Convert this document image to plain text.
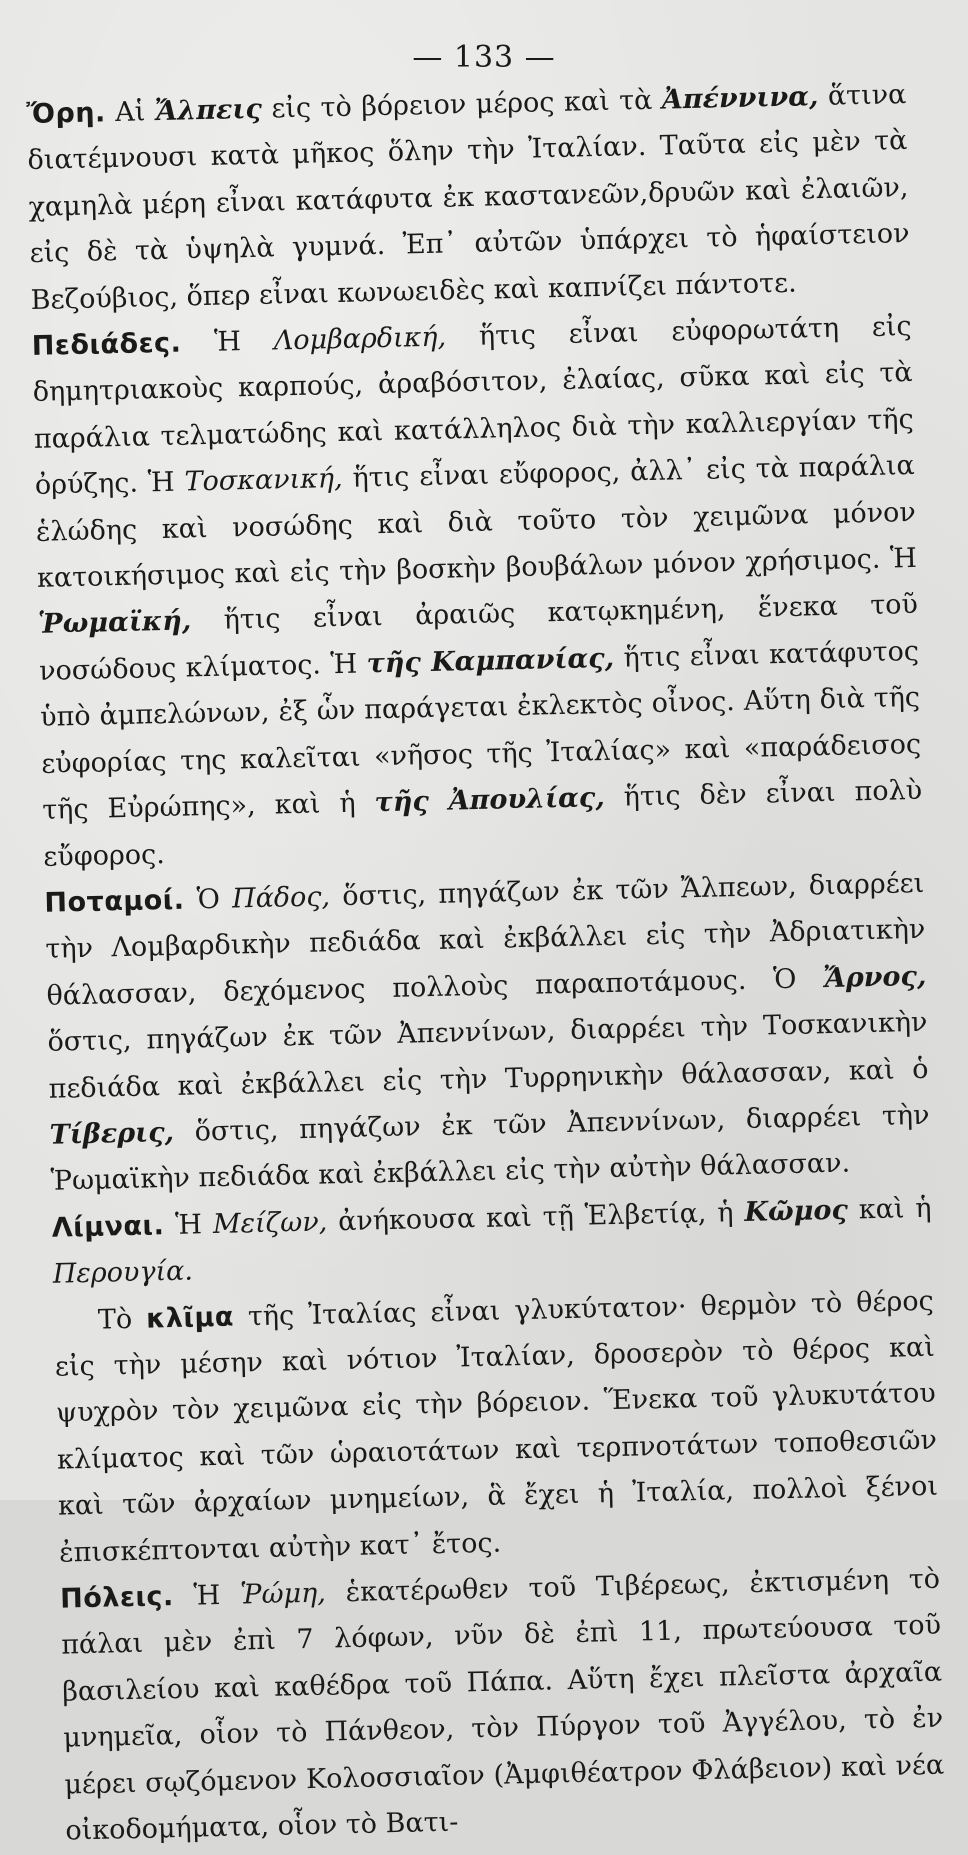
— 133 —

Ὄρη. Αἱ Ἄλπεις εἰς τὸ βόρειον μέρος καὶ τὰ Ἀπέννινα, ἅτινα διατέμνουσι κατὰ μῆκος ὅλην τὴν Ἰταλίαν. Ταῦτα εἰς μὲν τὰ χαμηλὰ μέρη εἶναι κατάφυτα ἐκ καστανεῶν,δρυῶν καὶ ἐλαιῶν, εἰς δὲ τὰ ὑψηλὰ γυμνά. Ἐπ᾿ αὐτῶν ὑπάρχει τὸ ἡφαίστειον Βεζούβιος, ὅπερ εἶναι κωνωειδὲς καὶ καπνίζει πάντοτε.

Πεδιάδες. Ἡ Λομβαρδική, ἥτις εἶναι εὐφορωτάτη εἰς δημητριακοὺς καρπούς, ἀραβόσιτον, ἐλαίας, σῦκα καὶ εἰς τὰ παράλια τελματώδης καὶ κατάλληλος διὰ τὴν καλλιεργίαν τῆς ὀρύζης. Ἡ Τοσκανική, ἥτις εἶναι εὔφορος, ἀλλ᾿ εἰς τὰ παράλια ἑλώδης καὶ νοσώδης καὶ διὰ τοῦτο τὸν χειμῶνα μόνον κατοικήσιμος καὶ εἰς τὴν βοσκὴν βουβάλων μόνον χρήσιμος. Ἡ Ῥωμαϊκή, ἥτις εἶναι ἀραιῶς κατῳκημένη, ἕνεκα τοῦ νοσώδους κλίματος. Ἡ τῆς Καμπανίας, ἥτις εἶναι κατάφυτος ὑπὸ ἀμπελώνων, ἐξ ὧν παράγεται ἐκλεκτὸς οἶνος. Αὕτη διὰ τῆς εὐφορίας της καλεῖται «νῆσος τῆς Ἰταλίας» καὶ «παράδεισος τῆς Εὐρώπης», καὶ ἡ τῆς Ἀπουλίας, ἥτις δὲν εἶναι πολὺ εὔφορος.

Ποταμοί. Ὁ Πάδος, ὅστις, πηγάζων ἐκ τῶν Ἄλπεων, διαρρέει τὴν Λομβαρδικὴν πεδιάδα καὶ ἐκβάλλει εἰς τὴν Ἀδριατικὴν θάλασσαν, δεχόμενος πολλοὺς παραποτάμους. Ὁ Ἄρνος, ὅστις, πηγάζων ἐκ τῶν Ἀπεννίνων, διαρρέει τὴν Τοσκανικὴν πεδιάδα καὶ ἐκβάλλει εἰς τὴν Τυρρηνικὴν θάλασσαν, καὶ ὁ Τίβερις, ὅστις, πηγάζων ἐκ τῶν Ἀπεννίνων, διαρρέει τὴν Ῥωμαϊκὴν πεδιάδα καὶ ἐκβάλλει εἰς τὴν αὐτὴν θάλασσαν.

Λίμναι. Ἡ Μείζων, ἀνήκουσα καὶ τῇ Ἑλβετίᾳ, ἡ Κῶμος καὶ ἡ Περουγία.

Τὸ κλῖμα τῆς Ἰταλίας εἶναι γλυκύτατον· θερμὸν τὸ θέρος εἰς τὴν μέσην καὶ νότιον Ἰταλίαν, δροσερὸν τὸ θέρος καὶ ψυχρὸν τὸν χειμῶνα εἰς τὴν βόρειον. Ἕνεκα τοῦ γλυκυτάτου κλίματος καὶ τῶν ὡραιοτάτων καὶ τερπνοτάτων τοποθεσιῶν καὶ τῶν ἀρχαίων μνημείων, ἃ ἔχει ἡ Ἰταλία, πολλοὶ ξένοι ἐπισκέπτονται αὐτὴν κατ᾿ ἔτος.

Πόλεις. Ἡ Ῥώμη, ἑκατέρωθεν τοῦ Τιβέρεως, ἐκτισμένη τὸ πάλαι μὲν ἐπὶ 7 λόφων, νῦν δὲ ἐπὶ 11, πρωτεύουσα τοῦ βασιλείου καὶ καθέδρα τοῦ Πάπα. Αὕτη ἔχει πλεῖστα ἀρχαῖα μνημεῖα, οἷον τὸ Πάνθεον, τὸν Πύργον τοῦ Ἀγγέλου, τὸ ἐν μέρει σῳζόμενον Κολοσσιαῖον (Ἀμφιθέατρον Φλάβειον) καὶ νέα οἰκοδομήματα, οἷον τὸ Βατι-
